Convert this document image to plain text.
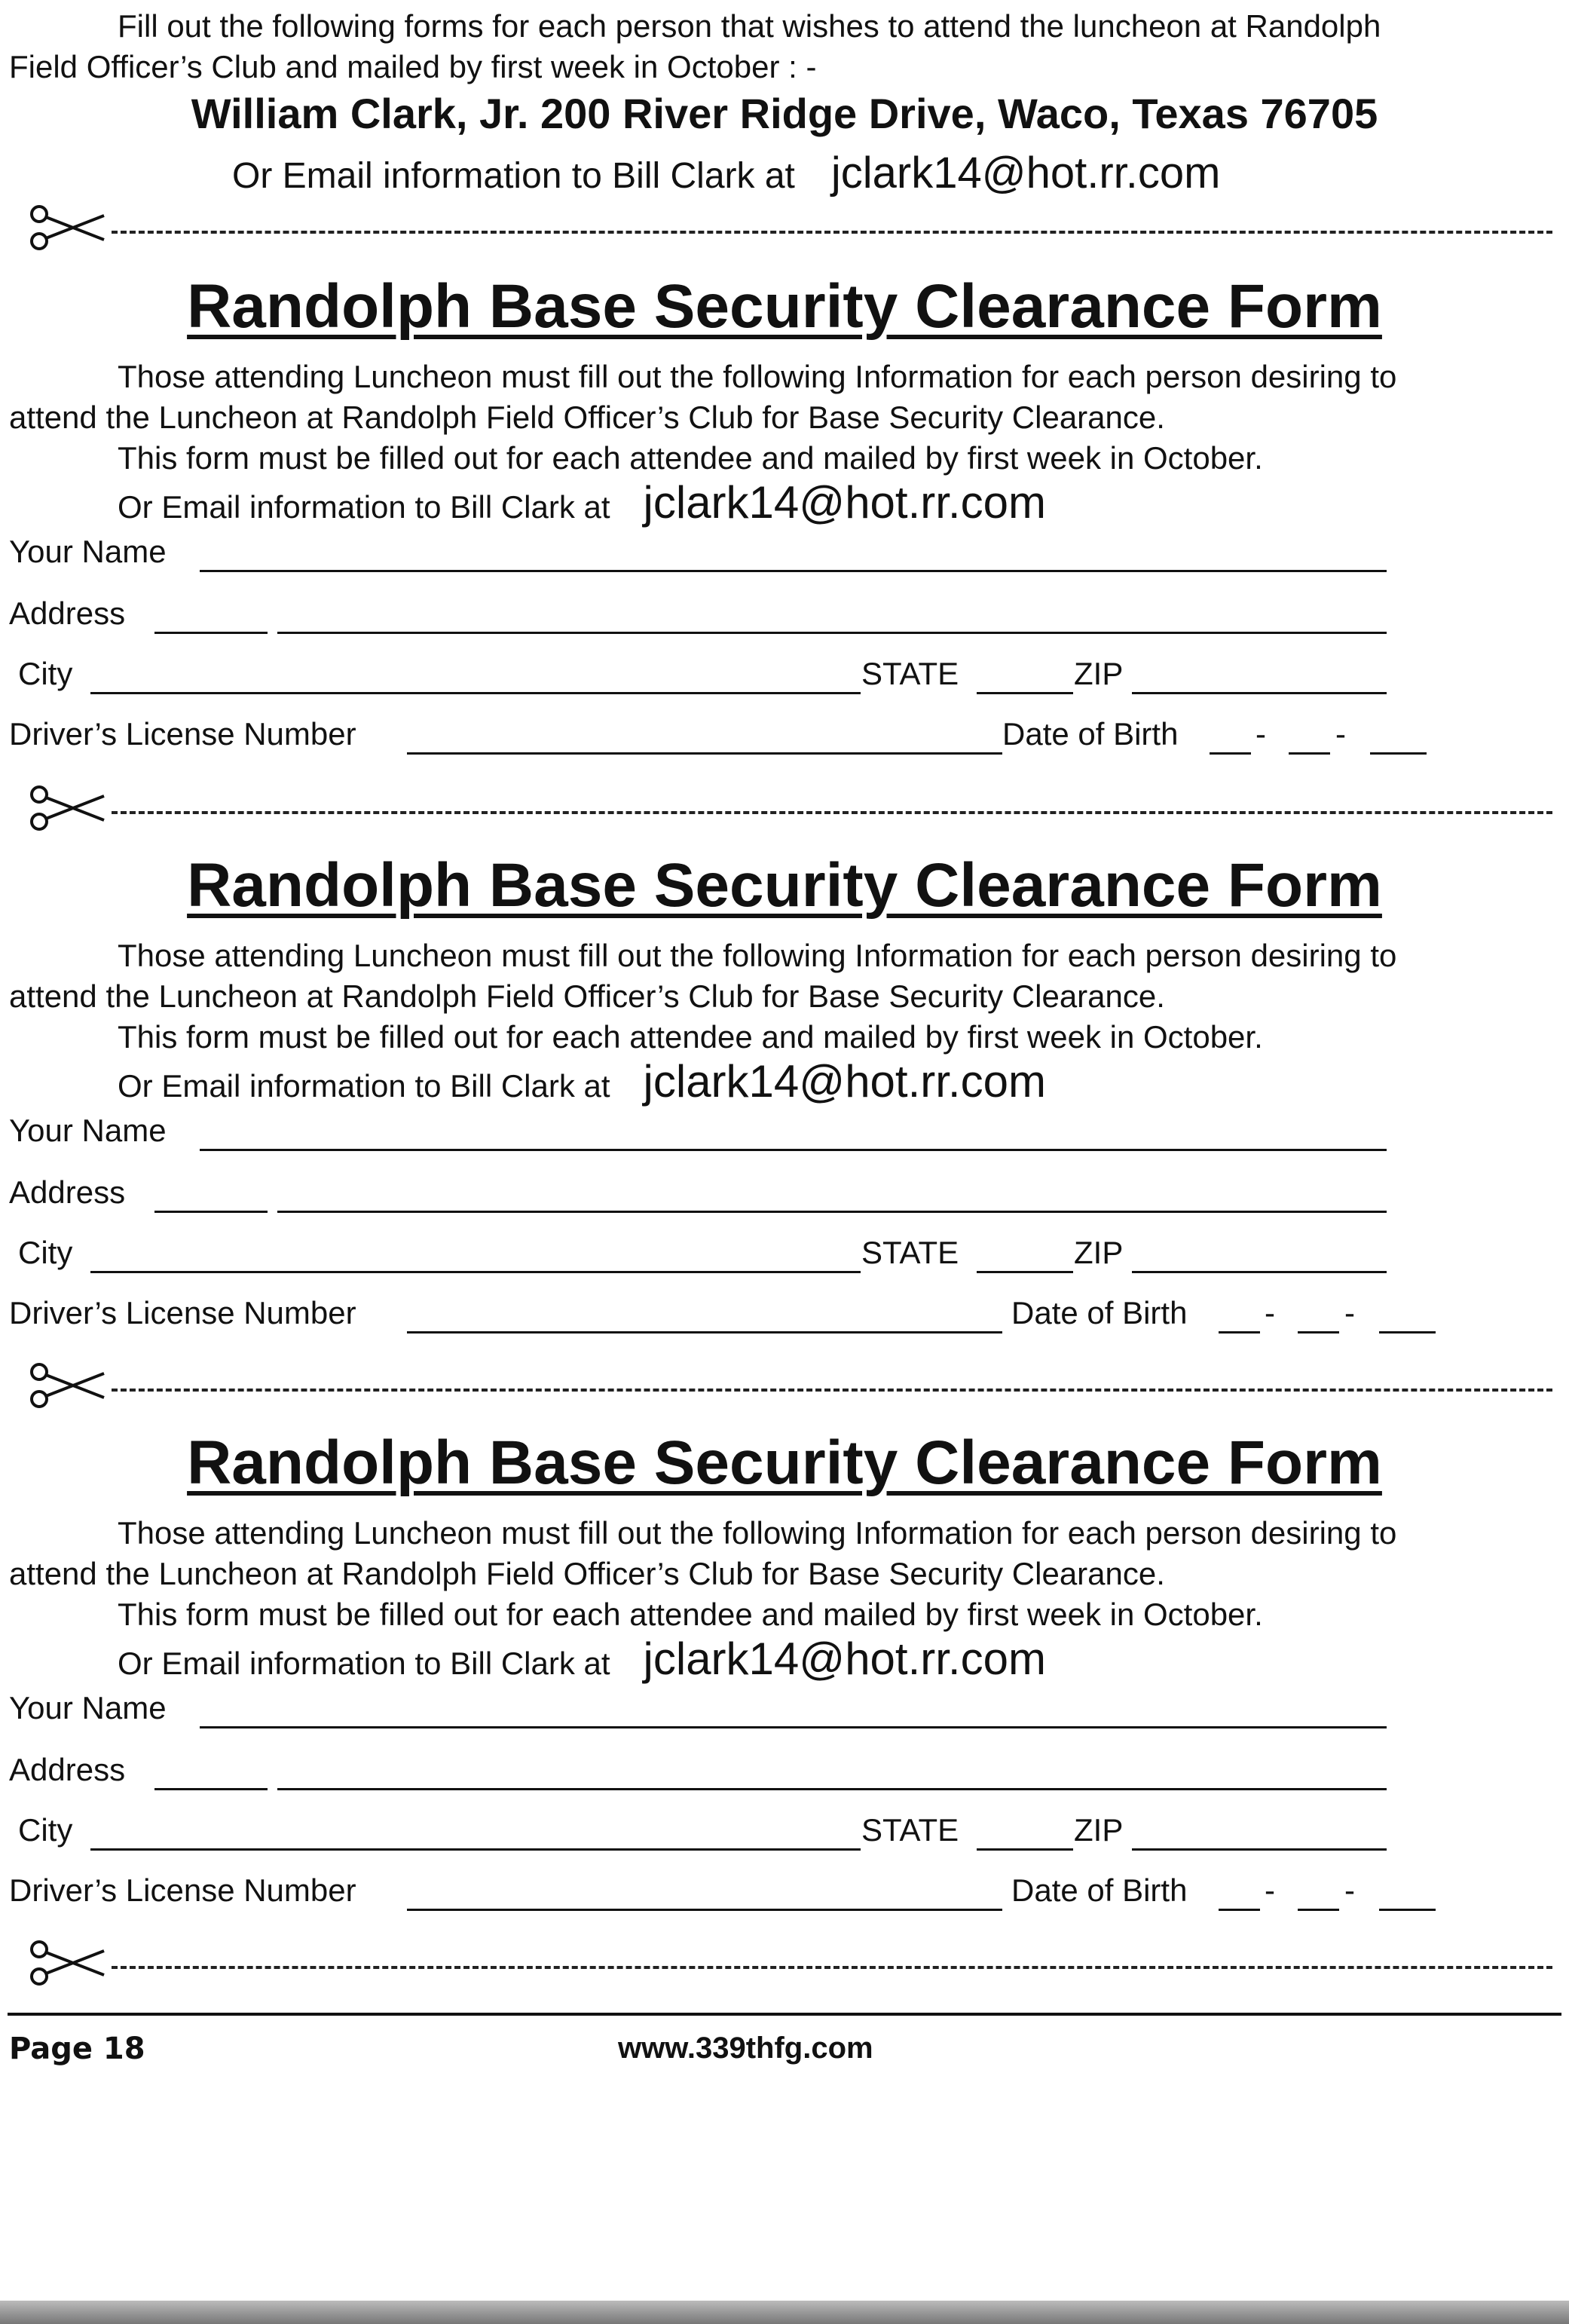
Fill out the following forms for each person that wishes to attend the luncheon at Randolph
Field Officer’s Club and mailed by first week in October : -
William Clark, Jr. 200 River Ridge Drive, Waco, Texas 76705
Or Email information to Bill Clark at jclark14@hot.rr.com
Randolph Base Security Clearance Form
Those attending Luncheon must fill out the following Information for each person desiring to
attend the Luncheon at Randolph Field Officer’s Club for Base Security Clearance.
This form must be filled out for each attendee and mailed by first week in October.
Or Email information to Bill Clark at jclark14@hot.rr.com
Your Name
Address
City	STATE	ZIP
Driver’s License Number	Date of Birth - -
Randolph Base Security Clearance Form
Those attending Luncheon must fill out the following Information for each person desiring to
attend the Luncheon at Randolph Field Officer’s Club for Base Security Clearance.
This form must be filled out for each attendee and mailed by first week in October.
Or Email information to Bill Clark at jclark14@hot.rr.com
Your Name
Address
City	STATE	ZIP
Driver’s License Number	Date of Birth - -
Randolph Base Security Clearance Form
Those attending Luncheon must fill out the following Information for each person desiring to
attend the Luncheon at Randolph Field Officer’s Club for Base Security Clearance.
This form must be filled out for each attendee and mailed by first week in October.
Or Email information to Bill Clark at jclark14@hot.rr.com
Your Name
Address
City	STATE	ZIP
Driver’s License Number	Date of Birth - -
Page 18	www.339thfg.com
